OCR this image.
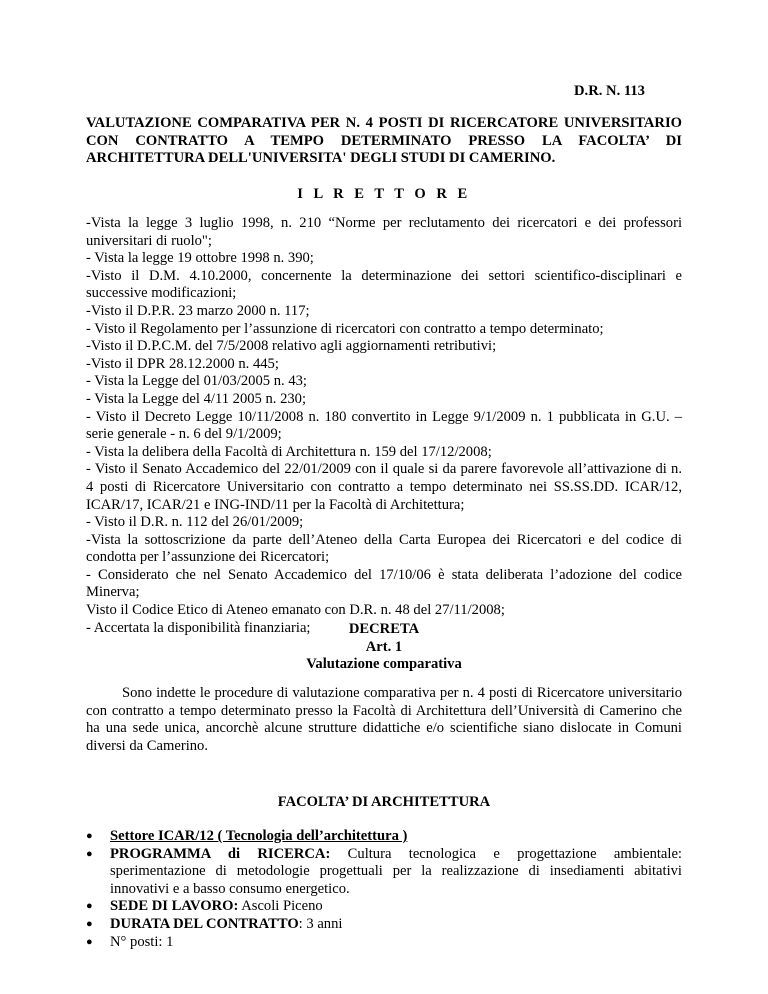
D.R. N. 113
VALUTAZIONE COMPARATIVA PER N. 4 POSTI DI RICERCATORE UNIVERSITARIO CON CONTRATTO A TEMPO DETERMINATO PRESSO LA FACOLTA’ DI ARCHITETTURA DELL'UNIVERSITA' DEGLI STUDI DI CAMERINO.
I L R E T T O R E
-Vista la legge 3 luglio 1998, n. 210 “Norme per reclutamento dei ricercatori e dei professori universitari di ruolo";
- Vista la legge 19 ottobre 1998 n. 390;
-Visto il D.M. 4.10.2000, concernente la determinazione dei settori scientifico-disciplinari e successive modificazioni;
-Visto il D.P.R. 23 marzo 2000 n. 117;
- Visto il Regolamento per l’assunzione di ricercatori con contratto a tempo determinato;
-Visto il D.P.C.M. del 7/5/2008 relativo agli aggiornamenti retributivi;
-Visto il DPR 28.12.2000 n. 445;
- Vista la Legge del 01/03/2005 n. 43;
- Vista la Legge del 4/11 2005 n. 230;
- Visto il Decreto Legge 10/11/2008 n. 180 convertito in Legge 9/1/2009 n. 1 pubblicata in G.U. – serie generale - n. 6 del 9/1/2009;
- Vista la delibera della Facoltà di Architettura n. 159 del 17/12/2008;
- Visto il Senato Accademico del 22/01/2009 con il quale si da parere favorevole all’attivazione di n. 4 posti di Ricercatore Universitario con contratto a tempo determinato nei SS.SS.DD. ICAR/12, ICAR/17, ICAR/21 e ING-IND/11 per la Facoltà di Architettura;
- Visto il D.R. n. 112 del 26/01/2009;
-Vista la sottoscrizione da parte dell’Ateneo della Carta Europea dei Ricercatori e del codice di condotta per l’assunzione dei Ricercatori;
- Considerato che nel Senato Accademico del 17/10/06 è stata deliberata l’adozione del codice Minerva;
Visto il Codice Etico di Ateneo emanato con D.R. n. 48 del 27/11/2008;
- Accertata la disponibilità finanziaria;	DECRETA
Art. 1
Valutazione comparativa
Sono indette le procedure di valutazione comparativa per n. 4 posti di Ricercatore universitario con contratto a tempo determinato presso la Facoltà di Architettura dell’Università di Camerino che ha una sede unica, ancorchè alcune strutture didattiche e/o scientifiche siano dislocate in Comuni diversi da Camerino.
FACOLTA’ DI ARCHITETTURA
● Settore ICAR/12 ( Tecnologia dell’architettura )
● PROGRAMMA di RICERCA: Cultura tecnologica e progettazione ambientale: sperimentazione di metodologie progettuali per la realizzazione di insediamenti abitativi innovativi e a basso consumo energetico.
● SEDE DI LAVORO: Ascoli Piceno
● DURATA DEL CONTRATTO: 3 anni
● N° posti: 1
